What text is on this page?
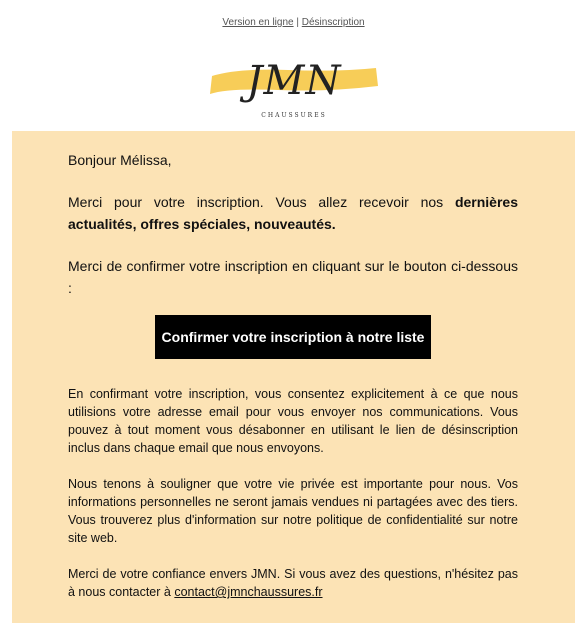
Version en ligne | Désinscription
JMN
CHAUSSURES

Bonjour Mélissa,

Merci pour votre inscription. Vous allez recevoir nos dernières actualités, offres spéciales, nouveautés.

Merci de confirmer votre inscription en cliquant sur le bouton ci-dessous :

Confirmer votre inscription à notre liste

En confirmant votre inscription, vous consentez explicitement à ce que nous utilisions votre adresse email pour vous envoyer nos communications. Vous pouvez à tout moment vous désabonner en utilisant le lien de désinscription inclus dans chaque email que nous envoyons.

Nous tenons à souligner que votre vie privée est importante pour nous. Vos informations personnelles ne seront jamais vendues ni partagées avec des tiers. Vous trouverez plus d'information sur notre politique de confidentialité sur notre site web.

Merci de votre confiance envers JMN. Si vous avez des questions, n'hésitez pas à nous contacter à contact@jmnchaussures.fr
